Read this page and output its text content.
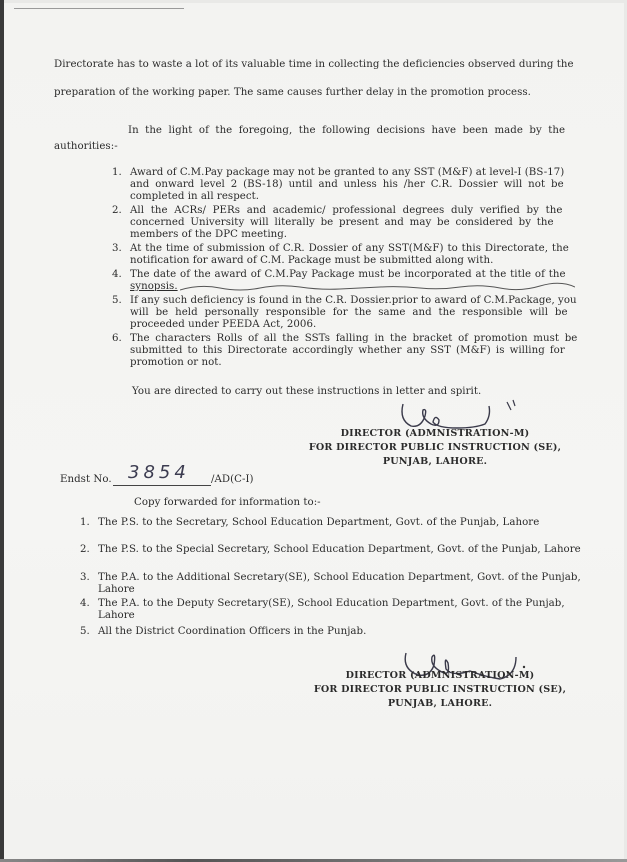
Directorate has to waste a lot of its valuable time in collecting the deficiencies observed during the
preparation of the working paper. The same causes further delay in the promotion process.
In the light of the foregoing, the following decisions have been made by the
authorities:-
1. Award of C.M.Pay package may not be granted to any SST (M&F) at level-I (BS-17)
and onward level 2 (BS-18) until and unless his /her C.R. Dossier will not be
completed in all respect.
2. All the ACRs/ PERs and academic/ professional degrees duly verified by the
concerned University will literally be present and may be considered by the
members of the DPC meeting.
3. At the time of submission of C.R. Dossier of any SST(M&F) to this Directorate, the
notification for award of C.M. Package must be submitted along with.
4. The date of the award of C.M.Pay Package must be incorporated at the title of the
synopsis.
5. If any such deficiency is found in the C.R. Dossier.prior to award of C.M.Package, you
will be held personally responsible for the same and the responsible will be
proceeded under PEEDA Act, 2006.
6. The characters Rolls of all the SSTs falling in the bracket of promotion must be
submitted to this Directorate accordingly whether any SST (M&F) is willing for
promotion or not.
You are directed to carry out these instructions in letter and spirit.
DIRECTOR (ADMNISTRATION-M)
FOR DIRECTOR PUBLIC INSTRUCTION (SE),
PUNJAB, LAHORE.
Endst No. 3854 /AD(C-I)
Copy forwarded for information to:-
1. The P.S. to the Secretary, School Education Department, Govt. of the Punjab, Lahore
2. The P.S. to the Special Secretary, School Education Department, Govt. of the Punjab, Lahore
3. The P.A. to the Additional Secretary(SE), School Education Department, Govt. of the Punjab,
Lahore
4. The P.A. to the Deputy Secretary(SE), School Education Department, Govt. of the Punjab,
Lahore
5. All the District Coordination Officers in the Punjab.
DIRECTOR (ADMNISTRATION-M)
FOR DIRECTOR PUBLIC INSTRUCTION (SE),
PUNJAB, LAHORE.
